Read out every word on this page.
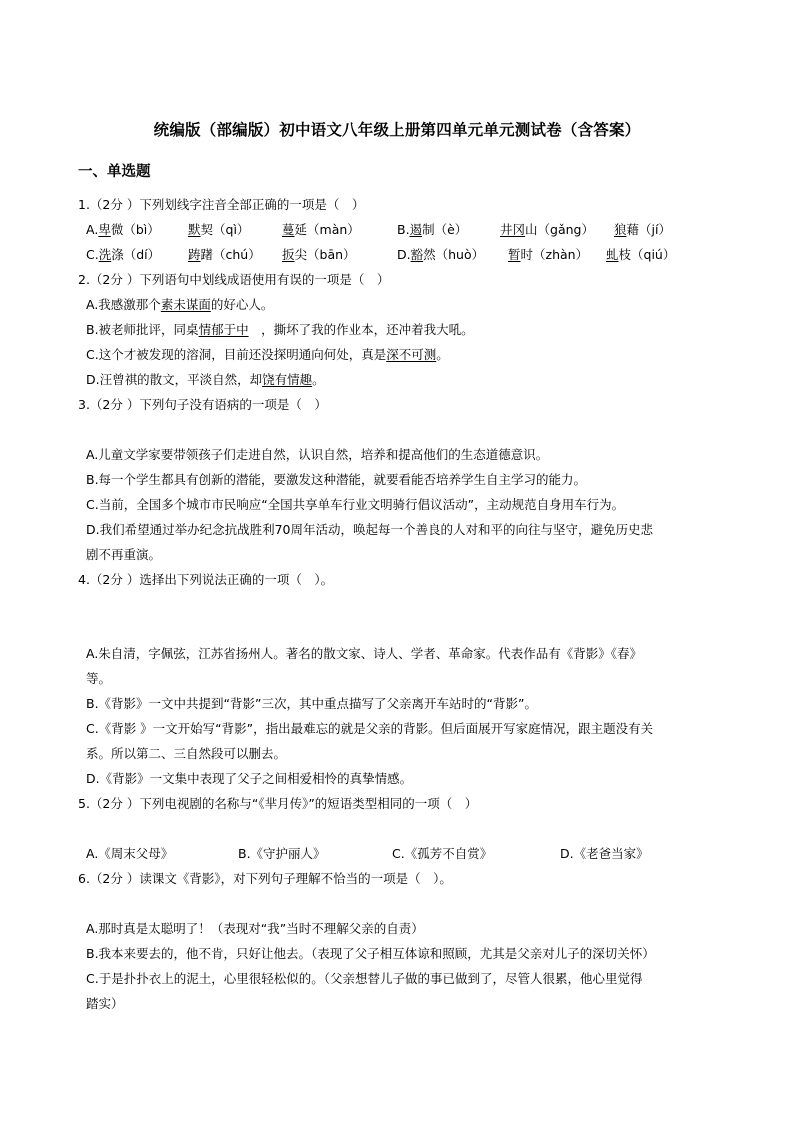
统编版（部编版）初中语文八年级上册第四单元单元测试卷（含答案）
一、单选题
1.（2分 ）下列划线字注音全部正确的一项是（　）
A.卑微（bì） 默契（qì）	蔓延（màn）	B.遏制（è）	井冈山（gǎng） 狼藉（jí）
C.洗涤（dí） 踌躇（chú） 扳尖（bān）	D.豁然（huò） 暂时（zhàn） 虬枝（qiú）
2.（2分 ）下列语句中划线成语使用有误的一项是（　）
A.我感激那个素未谋面的好心人。
B.被老师批评，同桌情郁于中　，撕坏了我的作业本，还冲着我大吼。
C.这个才被发现的溶洞，目前还没探明通向何处，真是深不可测。
D.汪曾祺的散文，平淡自然，却饶有情趣。
3.（2分 ）下列句子没有语病的一项是（　）
A.儿童文学家要带领孩子们走进自然，认识自然，培养和提高他们的生态道德意识。
B.每一个学生都具有创新的潜能，要激发这种潜能，就要看能否培养学生自主学习的能力。
C.当前，全国多个城市市民响应“全国共享单车行业文明骑行倡议活动”，主动规范自身用车行为。
D.我们希望通过举办纪念抗战胜利70周年活动，唤起每一个善良的人对和平的向往与坚守，避免历史悲
剧不再重演。
4.（2分 ）选择出下列说法正确的一项（　）。
A.朱自清，字佩弦，江苏省扬州人。著名的散文家、诗人、学者、革命家。代表作品有《背影》《春》
等。
B.《背影》一文中共提到“背影”三次，其中重点描写了父亲离开车站时的“背影”。
C.《背影 》一文开始写“背影”，指出最难忘的就是父亲的背影。但后面展开写家庭情况，跟主题没有关
系。所以第二、三自然段可以删去。
D.《背影》一文集中表现了父子之间相爱相怜的真挚情感。
5.（2分 ）下列电视剧的名称与“《芈月传》”的短语类型相同的一项（　）
A.《周末父母》	B.《守护丽人》	C.《孤芳不自赏》	D.《老爸当家》
6.（2分 ）读课文《背影》，对下列句子理解不恰当的一项是（　）。
A.那时真是太聪明了！（表现对“我”当时不理解父亲的自责）
B.我本来要去的，他不肯，只好让他去。（表现了父子相互体谅和照顾，尤其是父亲对儿子的深切关怀）
C.于是扑扑衣上的泥土，心里很轻松似的。（父亲想替儿子做的事已做到了，尽管人很累，他心里觉得
踏实）
